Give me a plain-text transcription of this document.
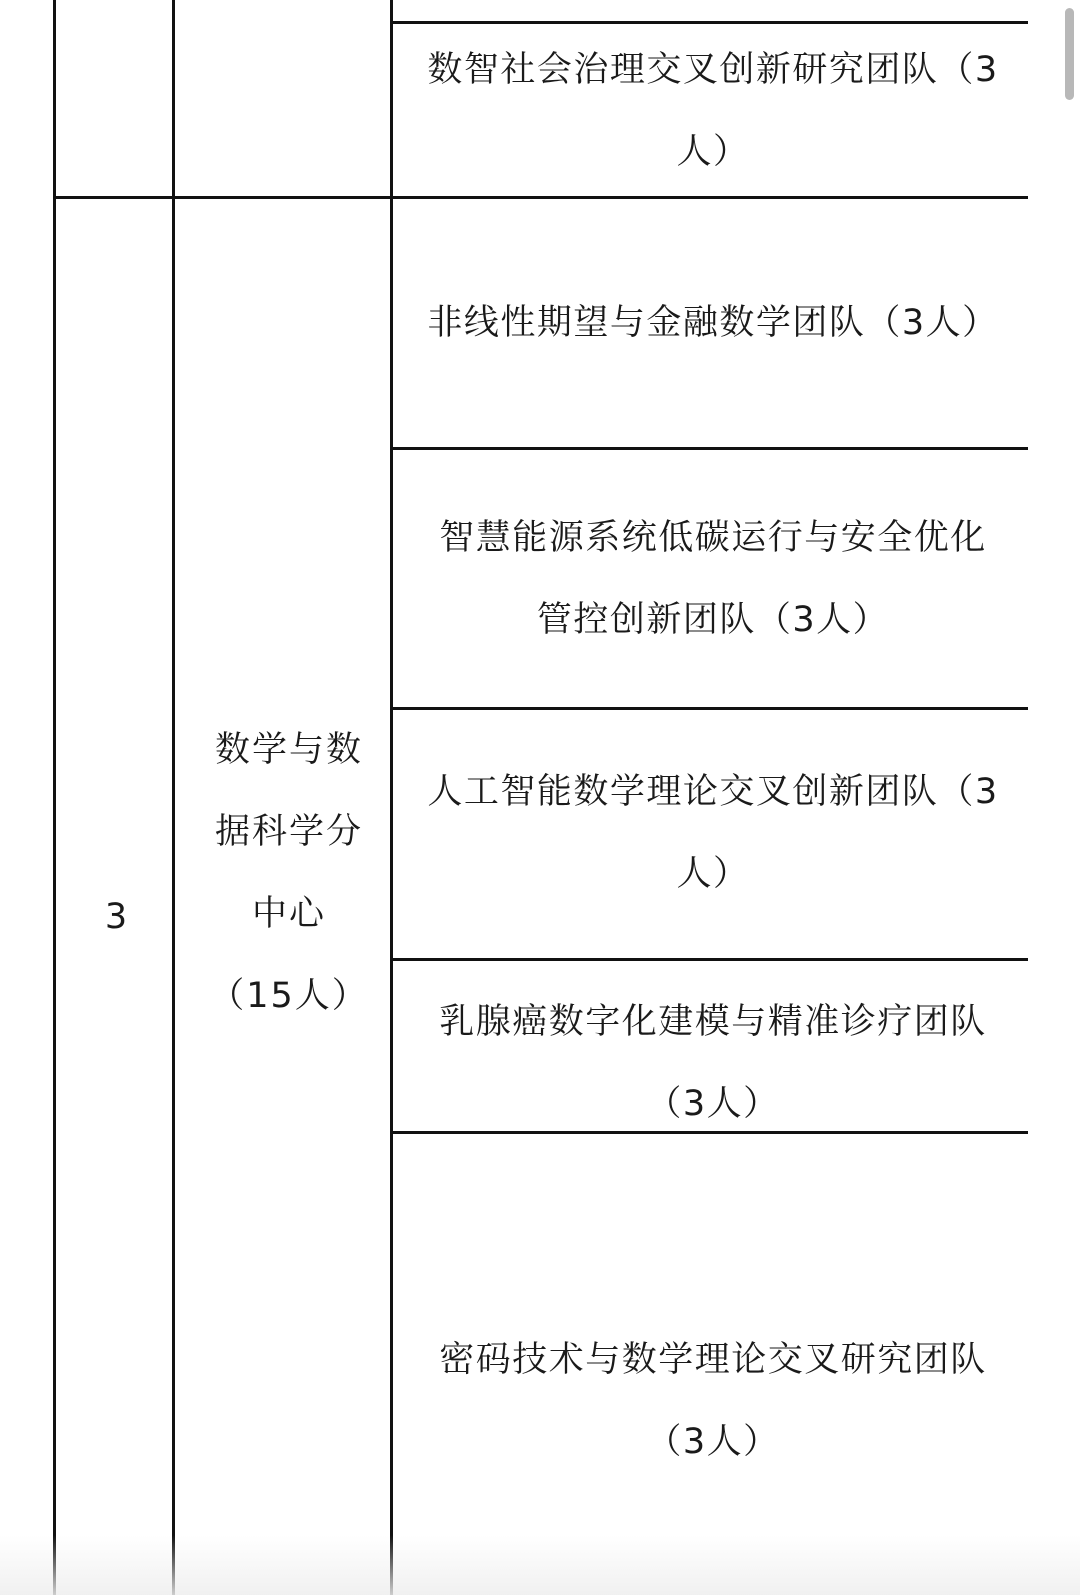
数智社会治理交叉创新研究团队（3
人）
3
数学与数
据科学分
中心
（15人）
非线性期望与金融数学团队（3人）
智慧能源系统低碳运行与安全优化
管控创新团队（3人）
人工智能数学理论交叉创新团队（3
人）
乳腺癌数字化建模与精准诊疗团队
（3人）
密码技术与数学理论交叉研究团队
（3人）
